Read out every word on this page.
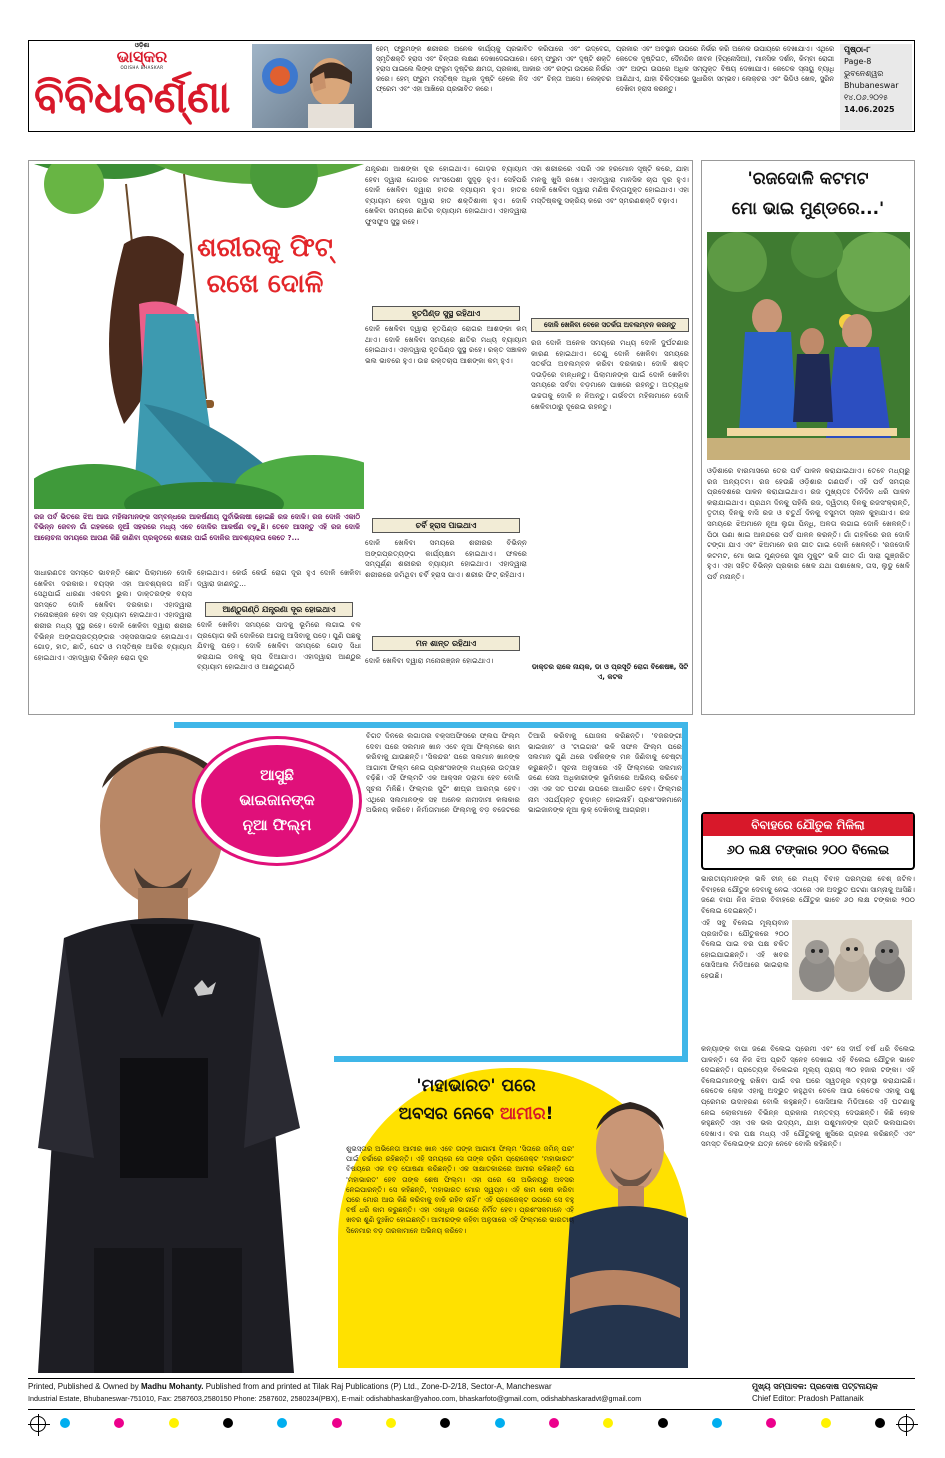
ଓଡ଼ିଶା
ଭାସ୍କର
ODISHA BHASKAR
ବିବିଧବର୍ଣ୍ଣା
ହେମ୍ ଫ୍ରୁମଙ୍କ ଶରୀରର ଅନେକ କାର୍ଯ୍ୟକୁ ପ୍ରଭାବିତ କରିପାରେ ଏବଂ ଉଦ୍ବେଗ, ସ୍ମୃତିଶକ୍ତି ହ୍ରାସ ଏବଂ ଚିନ୍ତାର ଲକ୍ଷଣ ଦେଖାଦେଇପାରେ। ହେମ୍ ଫ୍ରୁମ ଏବଂ ଦୃଷ୍ଟି ଶକ୍ତି ହ୍ରାସ ପାଇଲେ ଲିଙ୍କ ଫ୍ଲୁମ ଦୃଷ୍ଟିର କ୍ଷମତା, ପ୍ରକାଶ, ଆକାର ଏବଂ ରଙ୍ଗ ଉପରେ ନିର୍ଭର କରେ। ହେମ୍ ଫ୍ରୁମ ମସ୍ତିଷ୍କ ଅଧିକ ଦୃଷ୍ଟି ହେଲେ ନିଦ ଏବଂ ଚିନ୍ତା ଆସେ। ଲେକ୍ଚର ଫ୍ରେମ ଏବଂ ଏହା ଆଖିରେ ପ୍ରଭାବିତ କରେ।
ପ୍ରକାର ଏବଂ ଅବସ୍ଥାନ ଉପରେ ନିର୍ଭର କରି ଅନେକ ଉପାୟରେ ଦେଖାଯାଏ। ଏଥିରେ କେତେକ ଦୃଷ୍ଟିଗତ, ଦୈନନ୍ଦିନ ଜୀବନ (ହିପ୍ନୋସିଆ), ମାନସିକ ଦର୍ଶନ, କିମ୍ବା ରୋଗୀ ଏବଂ ଅଙ୍ଗ ଉପରେ ଅଧିକ ସମ୍ପୃକ୍ତ ବିଷୟ ଦେଖାଯାଏ। କେତେକ ସ୍ନାୟୁ ବ୍ୟାଧି ଆଣିଥାଏ, ଯାହା ଚିକିତ୍ସାରେ ସୁଧାରିବା ସମ୍ଭବ। ଲେକ୍ଚର ଏବଂ ଭିଡିଓ ଖେଳ, ସ୍କ୍ରିନ ଦେଖିବା ହ୍ରାସ କରନ୍ତୁ।
ପୃଷ୍ଠା-୮
Page-8
ଭୁବନେଶ୍ୱର
Bhubaneswar
୧୪.୦୬.୨୦୨୫
14.06.2025
ଶରୀରକୁ ଫିଟ୍
ରଖେ ଦୋଳି
ରଜ ପର୍ବ ଭିତରେ ଝିଅ ଆଉ ମହିଳାମାନଙ୍କ ସମ୍ବନ୍ଧରେ ଆକର୍ଷଣୀୟ ପୁର୍ବାଭିଳାଷୀ ହୋଇଛି ରଜ ଦୋଳି। ରଜ ଦୋଳି ଏକାଠି ବିଭିନ୍ନ ଜେବନ ଗାଁ ଗହଳରେ ନୂଆଁ ସହରରେ ମଧ୍ୟ ଏବେ ଦୋଳିର ଆକର୍ଷଣ ବଢ଼ୁଛି। ତେବେ ଆସନ୍ତୁ ଏହି ରଜ ଦୋଳି ଆଲୋଚନା ସମୟରେ ଆପଣ କିଛି ଜାଣିବା ପ୍ରକୃତରେ ଶରୀର ପାଇଁ ଦୋଳିର ଆବଶ୍ୟକତା କେତେ ?...
ସାଧାରଣତଃ ସମସ୍ତେ ଭାବନ୍ତି ଛୋଟ ପିଲାମାନେ ଦୋଳି ଖେଳିବା ଦରକାର। ବୟସ୍କ ଏହା ଆବଶ୍ୟକତା ନାହିଁ। ସେଥିପାଇଁ ଧାରଣା ଏକଦମ ଭୁଲ। ଡାକ୍ତରଙ୍କ ବୟସ ସମସ୍ତେ ଦୋଳି ଖେଳିବା ଦରକାର। ଏହାଦ୍ୱାରା ମନୋରଞ୍ଜନ ହେବା ସହ ବ୍ୟାୟାମ ହୋଇଥାଏ। ଏହାଦ୍ୱାରା ଶରୀର ମଧ୍ୟ ସୁସ୍ଥ ରହେ। ଦୋଳି ଖେଳିବା ଦ୍ୱାରା ଶରୀର ବିଭିନ୍ନ ଅଙ୍ଗପ୍ରତ୍ୟଙ୍ଗର ଏକ୍ସରସାଇଜ ହୋଇଥାଏ। ଗୋଡ଼, ହାତ, ଛାତି, ପେଟ ଓ ମସ୍ତିଷ୍କ ଆଦିର ବ୍ୟାୟାମ ହୋଇଥାଏ। ଏହାଦ୍ୱାରା ବିଭିନ୍ନ ରୋଗ ଦୂର
ହୋଇଥାଏ। କେଉଁ କେଉଁ ରୋଗ ଦୂର ହୁଏ ଦୋଳି ଖେଳିବା ଦ୍ୱାରା ଜାଣନ୍ତୁ...
ଆଣ୍ଠୁଗଣ୍ଠି ଯନ୍ତ୍ରଣା ଦୂର ହୋଇଥାଏ
ଦୋଳି ଖେଳିବା ସମୟରେ ପାଦକୁ ଭୂମିରେ ଲଗାଇ ବଳ ପ୍ରୟୋଗ କରି ଦୋଳିରେ ଆଗକୁ ଆସିବାକୁ ପଡ଼େ। ପୁଣି ପଛକୁ ଯିବାକୁ ପଡ଼େ। ଦୋଳି ଖେଳିବା ସମୟରେ ଗୋଡ଼ ସିଧା କରାଯାଇ ଡଳକୁ ଚାପ ଦିଆଯାଏ। ଏହାଦ୍ୱାରା ଆଣ୍ଠୁର ବ୍ୟାୟାମ ହୋଇଥାଏ ଓ ଆଣ୍ଠୁଗଣ୍ଠି
ଯନ୍ତ୍ରଣା ଆଶଙ୍କା ଦୂର ହୋଇଥାଏ। ଗୋଡ଼ର ବ୍ୟାୟାମ ହେବା ଦ୍ୱାରା ଗୋଡ଼ର ମାଂସପେଶୀ ସୁଦୃଢ଼ ହୁଏ। ସେହିପରି ଦୋଳି ଖେଳିବା ଦ୍ୱାରା ହାତର ବ୍ୟାୟାମ ହୁଏ। ହାତର ବ୍ୟାୟାମ ହେବା ଦ୍ୱାରା ହାତ ଶକ୍ତିଶାଳୀ ହୁଏ। ଦୋଳି ଖେଳିବା ସମୟରେ ଛାତିର ବ୍ୟାୟାମ ହୋଇଥାଏ। ଏହାଦ୍ୱାରା ଫୁସଫୁସ ସୁସ୍ଥ ରହେ।
ହୃତପିଣ୍ଡ ସୁସ୍ଥ ରହିଥାଏ
ଦୋଳି ଖେଳିବା ଦ୍ୱାରା ହୃତପିଣ୍ଡ ରୋଗର ଆଶଙ୍କା କମ୍ ଥାଏ। ଦୋଳି ଖେଳିବା ସମୟରେ ଛାତିର ମଧ୍ୟ ବ୍ୟାୟାମ ହୋଇଥାଏ। ଏହାଦ୍ୱାରା ହୃତପିଣ୍ଡ ସୁସ୍ଥ ରହେ। ରକ୍ତ ସଞ୍ଚାଳନ ଭଲ ଭାବରେ ହୁଏ। ଉଚ୍ଚ ରକ୍ତଚାପ ଆଶଙ୍କା କମ୍ ହୁଏ।
ଚର୍ବି ହ୍ରାସ ପାଇଥାଏ
ଦୋଳି ଖେଳିବା ସମୟରେ ଶରୀରର ବିଭିନ୍ନ ଅଙ୍ଗପ୍ରତ୍ୟଙ୍ଗ କାର୍ଯ୍ୟକ୍ଷମ ହୋଇଥାଏ। ଫଳରେ ସମ୍ପୂର୍ଣ୍ଣ ଶରୀରର ବ୍ୟାୟାମ ହୋଇଥାଏ। ଏହାଦ୍ୱାରା ଶରୀରରେ ଜମିଥିବା ଚର୍ବି ହ୍ରାସ ପାଏ। ଶରୀର ଫିଟ୍ ରହିଥାଏ।
ମନ ଶାନ୍ତ ରହିଥାଏ
ଦୋଳି ଖେଳିବା ଦ୍ୱାରା ମନୋରଞ୍ଜନ ହୋଇଥାଏ।
ଏହା ଶରୀରରେ ଏପରି ଏକ ହରମୋନ ସୃଷ୍ଟି କରେ, ଯାହା ମନକୁ ଖୁସି ରଖେ। ଏହାଦ୍ୱାରା ମାନସିକ ଚାପ ଦୂର ହୁଏ। ଦୋଳି ଖେଳିବା ଦ୍ୱାରା ମଣିଷ ଚିନ୍ତାମୁକ୍ତ ହୋଇଥାଏ। ଏହା ମସ୍ତିଷ୍କକୁ ସକ୍ରିୟ କରେ ଏବଂ ସ୍ମରଣଶକ୍ତି ବଢ଼ାଏ।
ଦୋଳି ଖେଳିବା ବେଳେ ସତର୍କତା ଅବଲମ୍ବନ କରନ୍ତୁ
ରଜ ଦୋଳି ଅନେକ ସମୟରେ ମଧ୍ୟ ଦୋଳି ଦୁର୍ଘଟଣାର କାରଣ ହୋଇଥାଏ। ତେଣୁ ଦୋଳି ଖେଳିବା ସମୟରେ ସତର୍କତା ଅବଲମ୍ବନ କରିବା ଦରକାର। ଦୋଳି ଶକ୍ତ ଦଉଡ଼ିରେ ବାନ୍ଧନ୍ତୁ। ପିଲାମାନଙ୍କ ପାଇଁ ଦୋଳି ଖେଳିବା ସମୟରେ ସର୍ବଦା ବଡ଼ମାନେ ପାଖରେ ରହନ୍ତୁ। ଅତ୍ୟଧିକ ଉଚ୍ଚତାକୁ ଦୋଳି ନ ନିଅନ୍ତୁ। ଗର୍ଭବତୀ ମହିଳାମାନେ ଦୋଳି ଖେଳିବାଠାରୁ ଦୂରେଇ ରହନ୍ତୁ।
ଡାକ୍ତର ରାକେ ନାୟକ, ଡା ଓ ପ୍ରସୂତି ରୋଗ ବିଶେଷଜ୍ଞ, ସିଟି ଏ, କଟକ
'ରଜଦୋଳି କଟମଟ
ମୋ ଭାଇ ମୁଣ୍ଡରେ...'
ଓଡ଼ିଶାରେ ବାରମାସରେ ତେର ପର୍ବ ପାଳନ କରାଯାଇଥାଏ। ତେବେ ମଧ୍ୟରୁ ରଜ ଅନ୍ୟତମ। ରଜ ହେଉଛି ଓଡ଼ିଶାର ଗଣପର୍ବ। ଏହି ପର୍ବ ସମଗ୍ର ପ୍ରଦେଶରେ ପାଳନ କରାଯାଇଥାଏ। ରଜ ମୁଖ୍ୟତଃ ତିନିଦିନ ଧରି ପାଳନ କରାଯାଇଥାଏ। ପ୍ରଥମ ଦିନକୁ ପହିଲି ରଜ, ଦ୍ୱିତୀୟ ଦିନକୁ ରଜସଂକ୍ରାନ୍ତି, ତୃତୀୟ ଦିନକୁ ବାସି ରଜ ଓ ଚତୁର୍ଥ ଦିନକୁ ବସୁମତୀ ସ୍ନାନ କୁହାଯାଏ। ରଜ ସମୟରେ ଝିଅମାନେ ନୂଆ ଲୁଗା ପିନ୍ଧି, ଅଳତା ଲଗାଇ ଦୋଳି ଖେଳନ୍ତି। ପିଠା ପଣା ଖାଇ ଆନନ୍ଦରେ ପର୍ବ ପାଳନ କରନ୍ତି। ଗାଁ ଗହଳିରେ ରଜ ଦୋଳି ଟଙ୍ଗା ଯାଏ ଏବଂ ଝିଅମାନେ ରଜ ଗୀତ ଗାଇ ଦୋଳି ଖେଳନ୍ତି। 'ରଜଦୋଳି କଟମଟ, ମୋ ଭାଇ ମୁଣ୍ଡରେ ସୁନା ମୁକୁଟ' ଭଳି ଗୀତ ଗାଁ ସାରା ଗୁଞ୍ଜରିତ ହୁଏ। ଏହା ସହିତ ବିଭିନ୍ନ ପ୍ରକାର ଖେଳ ଯଥା ପଶାଖେଳ, ତାସ, ଲୁଡୁ ଖେଳି ପର୍ବ ମନାନ୍ତି।
ଆସୁଛି
ଭାଇଜାନଙ୍କ
ନୂଆ ଫିଲ୍ମ
ବିଗତ ଦିନରେ ଲଗାତାର ବକ୍ସଅଫିସରେ ଫ୍ଲପ ଫିଲ୍ମ ଦେବା ପରେ ସଲମାନ ଖାନ ଏବେ ନୂଆ ଫିଲ୍ମରେ କାମ କରିବାକୁ ଯାଉଛନ୍ତି। 'ସିକନ୍ଦର' ପରେ ସଲମାନ ଖାନଙ୍କ ଆଗାମୀ ଫିଲ୍ମ ନେଇ ପ୍ରଶଂସକଙ୍କ ମଧ୍ୟରେ ଉତ୍ସାହ ବଢ଼ିଛି। ଏହି ଫିଲ୍ମଟି ଏକ ଆକ୍ସନ ଡ୍ରାମା ହେବ ବୋଲି ସୂଚନା ମିଳିଛି। ଫିଲ୍ମର ସୁଟିଂ ଶୀଘ୍ର ଆରମ୍ଭ ହେବ। ଏଥିରେ ସଲମାନଙ୍କ ସହ ଅନେକ ନାମୀଦାମୀ କଳାକାର ଅଭିନୟ କରିବେ। ନିର୍ମାତାମାନେ ଫିଲ୍ମକୁ ବଡ଼ ବଜେଟରେ ତିଆରି କରିବାକୁ ଯୋଜନା କରିଛନ୍ତି। 'ବଜରଙ୍ଗୀ ଭାଇଜାନ' ଓ 'ଟାଇଗର' ଭଳି ସଫଳ ଫିଲ୍ମ ପରେ ସଲମାନ ପୁଣି ଥରେ ଦର୍ଶକଙ୍କ ମନ ଜିଣିବାକୁ ଚେଷ୍ଟା କରୁଛନ୍ତି। ସୂଚନା ଅନୁସାରେ ଏହି ଫିଲ୍ମରେ ସଲମାନ ଜଣେ ସେନା ଅଧିକାରୀଙ୍କ ଭୂମିକାରେ ଅଭିନୟ କରିବେ। ଏହା ଏକ ସତ ଘଟଣା ଉପରେ ଆଧାରିତ ହେବ। ଫିଲ୍ମର ନାମ ଏପର୍ଯ୍ୟନ୍ତ ଚୂଡ଼ାନ୍ତ ହୋଇନାହିଁ। ପ୍ରଶଂସକମାନେ ଭାଇଜାନଙ୍କ ନୂଆ ଲୁକ୍ ଦେଖିବାକୁ ଆଗ୍ରହୀ।
'ମହାଭାରତ' ପରେ
ଅବସର ନେବେ ଆମୀର!
ଶୁଭସ୍ତାର ଅଭିନେତା ଆମୀର ଖାନ ଏବେ ତାଙ୍କ ଆଗାମୀ ଫିଲ୍ମ 'ସିତାରେ ଜମିନ୍ ପର' ପାଇଁ ଚର୍ଚ୍ଚାରେ ରହିଛନ୍ତି। ଏହି ସମୟରେ ସେ ତାଙ୍କ ଡ୍ରିମ ପ୍ରୋଜେକ୍ଟ 'ମହାଭାରତ' ବିଷୟରେ ଏକ ବଡ଼ ଘୋଷଣା କରିଛନ୍ତି। ଏକ ସାକ୍ଷାତକାରରେ ଆମୀର କହିଛନ୍ତି ଯେ 'ମହାଭାରତ' ହେବ ତାଙ୍କ ଶେଷ ଫିଲ୍ମ। ଏହା ପରେ ସେ ଅଭିନୟରୁ ଅବସର ନେଇପାରନ୍ତି। ସେ କହିଛନ୍ତି, 'ମହାଭାରତ ମୋର ସ୍ୱପ୍ନ। ଏହି କାମ ଶେଷ କରିବା ପରେ ମୋର ଆଉ କିଛି କରିବାକୁ ବାକି ରହିବ ନାହିଁ।' ଏହି ପ୍ରୋଜେକ୍ଟ ଉପରେ ସେ ବହୁ ବର୍ଷ ଧରି କାମ କରୁଛନ୍ତି। ଏହା ଏକାଧିକ ଭାଗରେ ନିର୍ମିତ ହେବ। ପ୍ରଶଂସକମାନେ ଏହି ଖବର ଶୁଣି ଦୁଃଖିତ ହୋଇଛନ୍ତି। ଆମୀରଙ୍କ କହିବା ଅନୁସାରେ ଏହି ଫିଲ୍ମରେ ଭାରତୀୟ ସିନେମାର ବଡ଼ ତାରକାମାନେ ଅଭିନୟ କରିବେ।
ବିବାହରେ ଯୌତୁକ ମିଳିଲା
୬୦ ଲକ୍ଷ ଟଙ୍କାର ୨୦୦ ବିଲେଇ
ଭାରତୀୟମାନଙ୍କ ଭଳି ଚୀନ୍ ରେ ମଧ୍ୟ ବିବାହ ପରମ୍ପରା ବେଶ୍ ଜଟିଳ। ବିବାହରେ ଯୌତୁକ ଦେବାକୁ ନେଇ ଏଠାରେ ଏକ ଅଦ୍ଭୁତ ଘଟଣା ସାମ୍ନାକୁ ଆସିଛି। ଜଣେ ବାପା ନିଜ ଝିଅର ବିବାହରେ ଯୌତୁକ ଭାବେ ୬୦ ଲକ୍ଷ ଟଙ୍କାର ୨୦୦ ବିଲେଇ ଦେଇଛନ୍ତି।
ଏହି ସବୁ ବିଲେଇ ମୂଲ୍ୟବାନ ପ୍ରଜାତିର। ଯୌତୁକରେ ୨୦୦ ବିଲେଇ ପାଇ ବର ପକ୍ଷ ଚକିତ ହୋଇଯାଇଛନ୍ତି। ଏହି ଖବର ସୋସିଆଲ ମିଡିଆରେ ଭାଇରାଲ ହେଉଛି।
କନ୍ୟାଙ୍କ ବାପା ଜଣେ ବିଲେଇ ପ୍ରେମୀ ଏବଂ ସେ ଦୀର୍ଘ ବର୍ଷ ଧରି ବିଲେଇ ପାଳନ୍ତି। ସେ ନିଜ ଝିଅ ପ୍ରତି ସ୍ନେହ ଦେଖାଇ ଏହି ବିଲେଇ ଯୌତୁକ ଭାବେ ଦେଇଛନ୍ତି। ପ୍ରତ୍ୟେକ ବିଲେଇର ମୂଲ୍ୟ ପ୍ରାୟ ୩୦ ହଜାର ଟଙ୍କା। ଏହି ବିଲେଇମାନଙ୍କୁ ରଖିବା ପାଇଁ ବର ଘରେ ସ୍ୱତନ୍ତ୍ର ବ୍ୟବସ୍ଥା କରାଯାଇଛି। କେତେକ ଲୋକ ଏହାକୁ ଅଦ୍ଭୁତ କହୁଥିବା ବେଳେ ଆଉ କେତେକ ଏହାକୁ ପଶୁ ପ୍ରେମର ଉଦାହରଣ ବୋଲି କହୁଛନ୍ତି। ସୋସିଆଲ ମିଡିଆରେ ଏହି ଘଟଣାକୁ ନେଇ ଲୋକମାନେ ବିଭିନ୍ନ ପ୍ରକାର ମନ୍ତବ୍ୟ ଦେଉଛନ୍ତି। କିଛି ଲୋକ କହୁଛନ୍ତି ଏହା ଏକ ଭଲ ଉଦ୍ୟମ, ଯାହା ପଶୁମାନଙ୍କ ପ୍ରତି ଭଲପାଇବା ଦେଖାଏ। ବର ପକ୍ଷ ମଧ୍ୟ ଏହି ଯୌତୁକକୁ ଖୁସିରେ ଗ୍ରହଣ କରିଛନ୍ତି ଏବଂ ସମସ୍ତ ବିଲେଇଙ୍କ ଯତ୍ନ ନେବେ ବୋଲି କହିଛନ୍ତି।
Printed, Published & Owned by Madhu Mohanty. Published from and printed at Tilak Raj Publications (P) Ltd., Zone-D-2/18, Sector-A, Mancheswar
Industrial Estate, Bhubaneswar-751010, Fax: 2587603,2580150 Phone: 2587602, 2580234(PBX), E-mail: odishabhaskar@yahoo.com, bhaskarfoto@gmail.com, odishabhaskaradvt@gmail.com
ମୁଖ୍ୟ ସମ୍ପାଦକ: ପ୍ରଦୋଷ ପଟ୍ଟନାୟକ
Chief Editor: Pradosh Pattanaik
